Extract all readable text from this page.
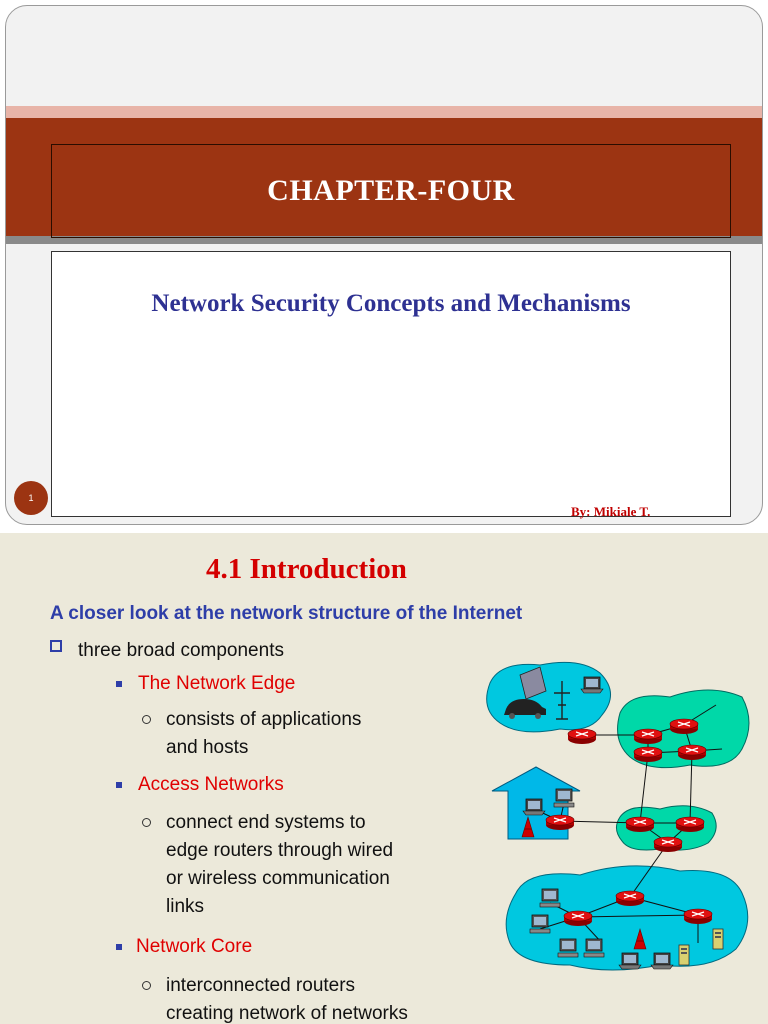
CHAPTER-FOUR
Network Security Concepts and Mechanisms
1
By: Mikiale T.
4.1 Introduction
A closer look at the network structure of the Internet
three broad components
The Network Edge
consists of applications
and hosts
Access Networks
connect end systems to
edge routers through wired
or wireless communication
links
Network Core
interconnected routers
creating network of networks
